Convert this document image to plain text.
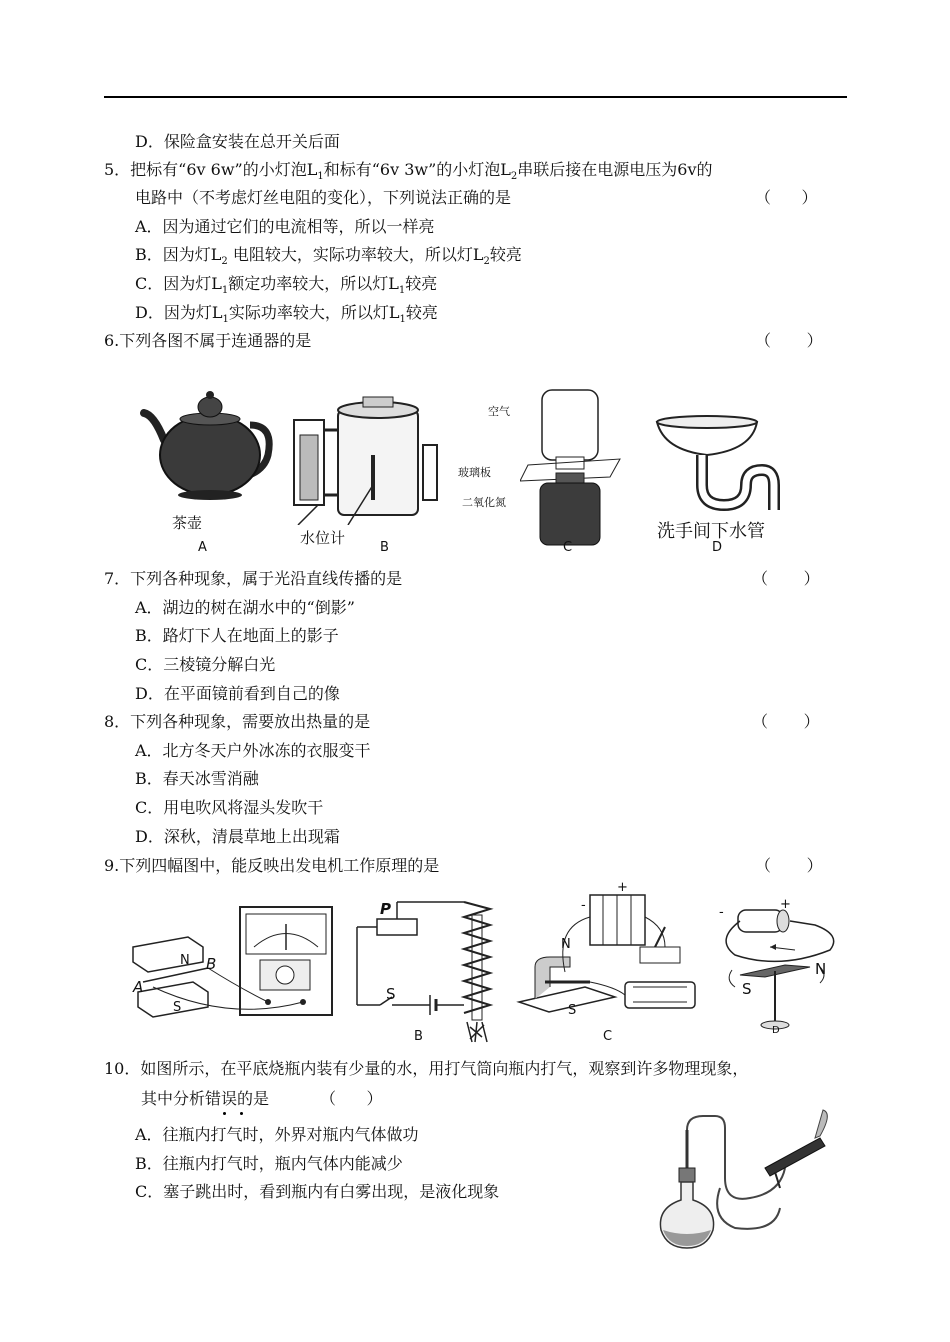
D．保险盒安装在总开关后面
5．把标有“6v 6w”的小灯泡$L_1$和标有“6v 3w”的小灯泡$L_2$串联后接在电源电压为6v的
电路中（不考虑灯丝电阻的变化），下列说法正确的是	（      ）
A．因为通过它们的电流相等，所以一样亮
B．因为灯$L_2$ 电阻较大，实际功率较大，所以灯$L_2$较亮
C．因为灯$L_1$额定功率较大，所以灯$L_1$较亮
D．因为灯$L_1$实际功率较大，所以灯$L_1$较亮
6.下列各图不属于连通器的是	（       ）
茶壶
A
水位计
B
空气
玻璃板
二氧化氮
C
洗手间下水管
D
7．下列各种现象，属于光沿直线传播的是	（       ）
A．湖边的树在湖水中的“倒影”
B．路灯下人在地面上的影子
C．三棱镜分解白光
D．在平面镜前看到自己的像
8．下列各种现象，需要放出热量的是	（       ）
A．北方冬天户外冰冻的衣服变干
B．春天冰雪消融
C．用电吹风将湿头发吹干
D．深秋，清晨草地上出现霜
9.下列四幅图中，能反映出发电机工作原理的是	（       ）
N
S
A
B
P
S
B
N
S
+
-
C
+
-
N
S
D
10．如图所示，在平底烧瓶内装有少量的水，用打气筒向瓶内打气，观察到许多物理现象，
其中分析错误的是	（      ）
A．往瓶内打气时，外界对瓶内气体做功
B．往瓶内打气时，瓶内气体内能减少
C．塞子跳出时，看到瓶内有白雾出现，是液化现象
